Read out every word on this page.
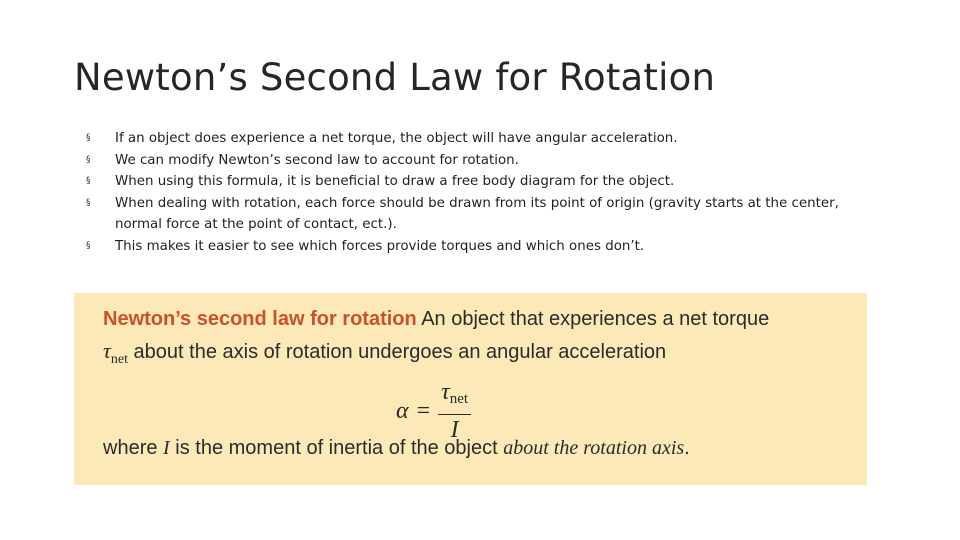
Newton’s Second Law for Rotation
§ If an object does experience a net torque, the object will have angular acceleration.
§ We can modify Newton’s second law to account for rotation.
§ When using this formula, it is beneficial to draw a free body diagram for the object.
§ When dealing with rotation, each force should be drawn from its point of origin (gravity starts at the center, normal force at the point of contact, ect.).
§ This makes it easier to see which forces provide torques and which ones don’t.
Newton’s second law for rotation An object that experiences a net torque
$\tau_{net}$ about the axis of rotation undergoes an angular acceleration
$\alpha = \frac{\tau_{net}}{I}$
where I is the moment of inertia of the object about the rotation axis.
